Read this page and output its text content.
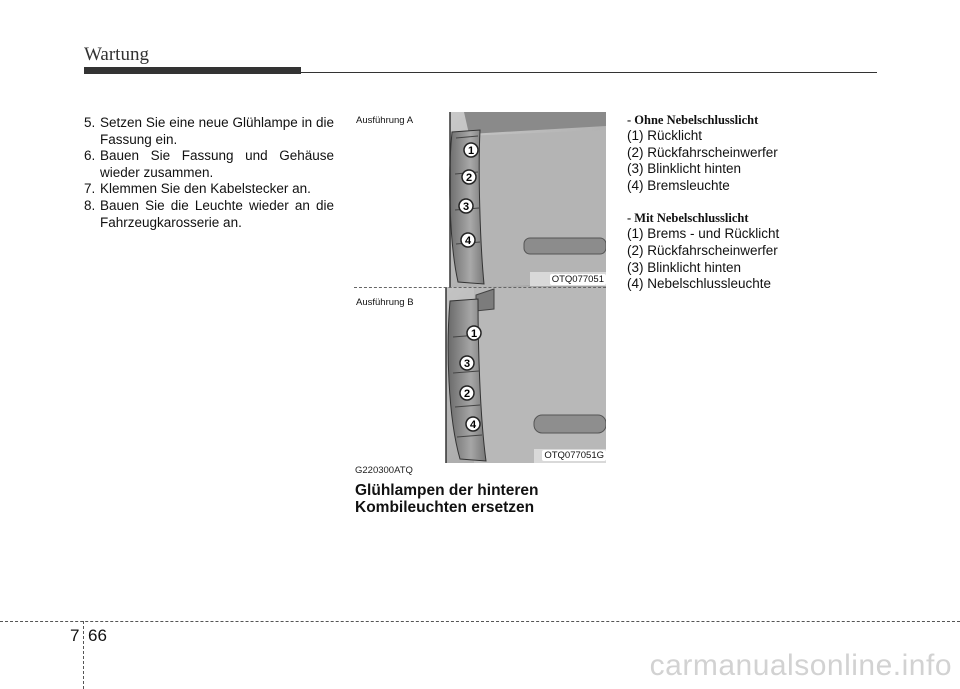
Wartung
5. Setzen Sie eine neue Glühlampe in die Fassung ein.
6. Bauen Sie Fassung und Gehäuse wieder zusammen.
7. Klemmen Sie den Kabelstecker an.
8. Bauen Sie die Leuchte wieder an die Fahrzeugkarosserie an.
Ausführung A
OTQ077051
1
2
3
4
Ausführung B
OTQ077051G
1
3
2
4
G220300ATQ
Glühlampen der hinteren
Kombileuchten ersetzen
- Ohne Nebelschlusslicht
(1) Rücklicht
(2) Rückfahrscheinwerfer
(3) Blinklicht hinten
(4) Bremsleuchte
- Mit Nebelschlusslicht
(1) Brems - und Rücklicht
(2) Rückfahrscheinwerfer
(3) Blinklicht hinten
(4) Nebelschlussleuchte
7 66
carmanualsonline.info
